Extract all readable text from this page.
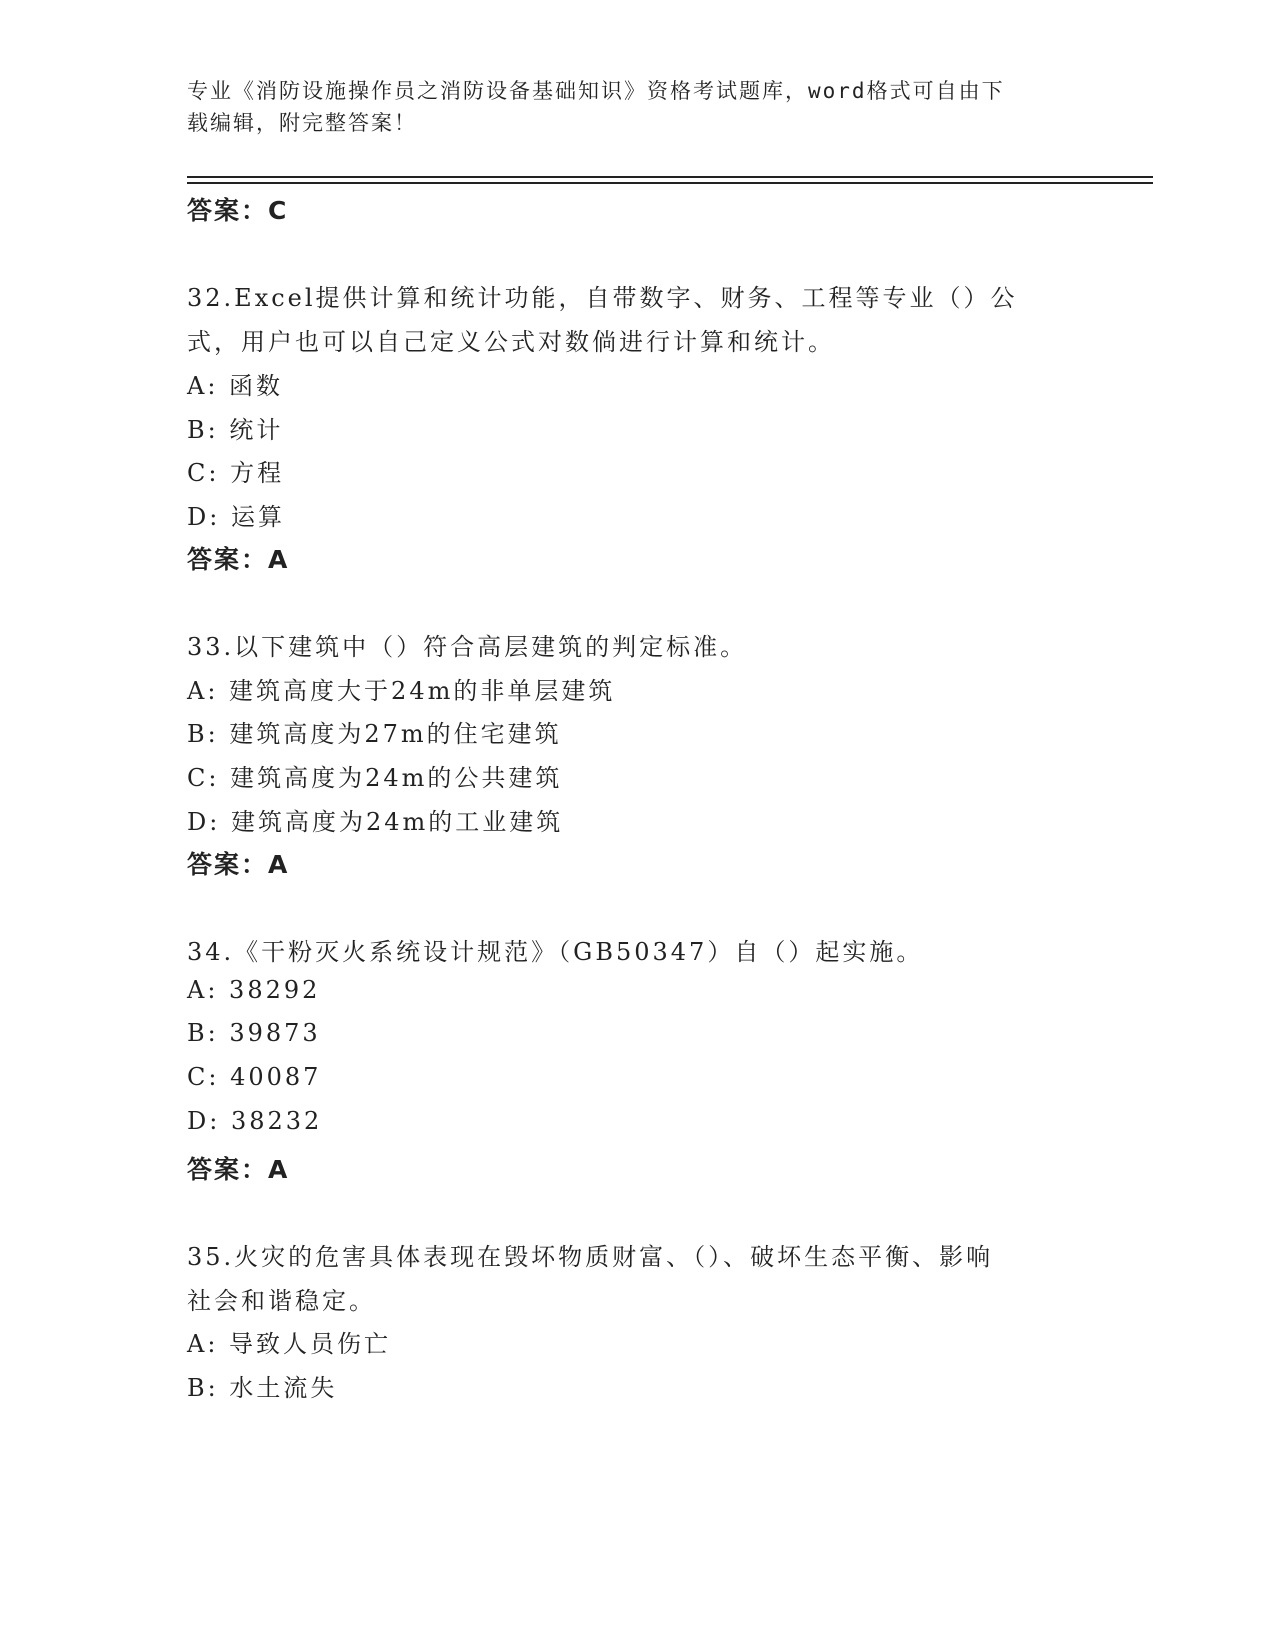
专业《消防设施操作员之消防设备基础知识》资格考试题库，word格式可自由下
载编辑，附完整答案！
答案：C
32.Excel提供计算和统计功能，自带数字、财务、工程等专业（）公
式，用户也可以自己定义公式对数倘进行计算和统计。
A: 函数
B: 统计
C: 方程
D: 运算
答案：A
33.以下建筑中（）符合高层建筑的判定标准。
A: 建筑高度大于24m的非单层建筑
B: 建筑高度为27m的住宅建筑
C: 建筑高度为24m的公共建筑
D: 建筑高度为24m的工业建筑
答案：A
34.《干粉灭火系统设计规范》（GB50347）自（）起实施。
A: 38292
B: 39873
C: 40087
D: 38232
答案：A
35.火灾的危害具体表现在毁坏物质财富、（）、破坏生态平衡、影响
社会和谐稳定。
A: 导致人员伤亡
B: 水土流失
